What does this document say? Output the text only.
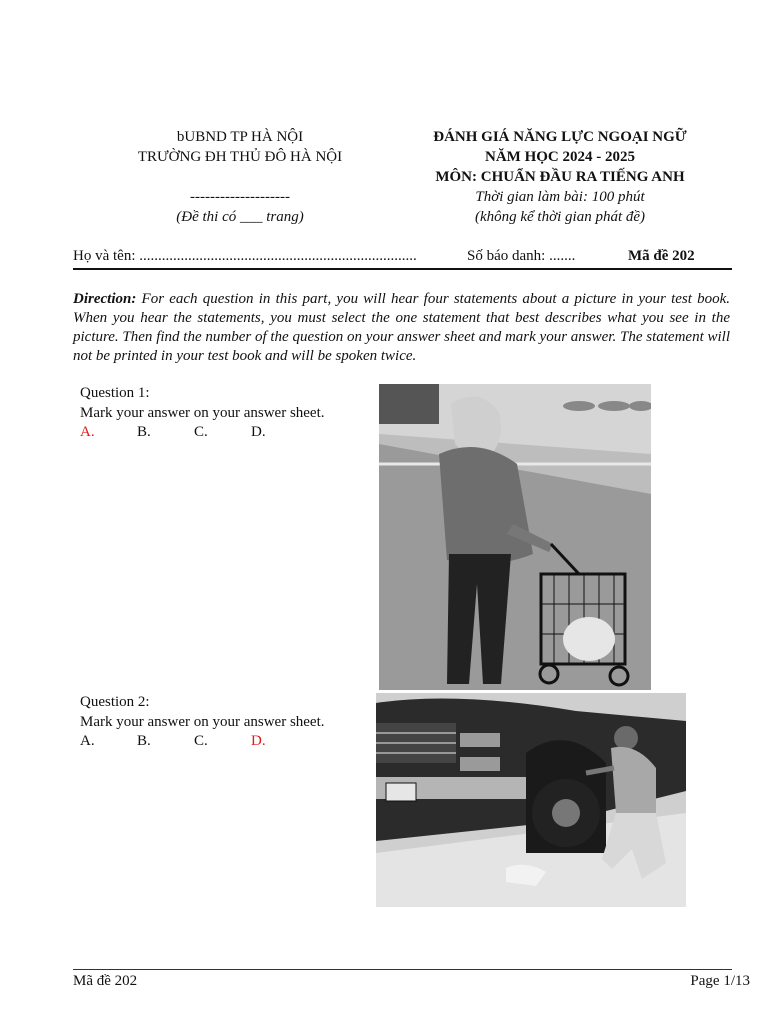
bUBND TP HÀ NỘI
TRƯỜNG ĐH THỦ ĐÔ HÀ NỘI
--------------------
(Đề thi có ___ trang)
ĐÁNH GIÁ NĂNG LỰC NGOẠI NGỮ
NĂM HỌC 2024 - 2025
MÔN: CHUẨN ĐẦU RA TIẾNG ANH
Thời gian làm bài: 100 phút
(không kể thời gian phát đề)
Họ và tên: ..........................................................................	Số báo danh: .......	Mã đề 202
Direction: For each question in this part, you will hear four statements about a picture in your test book. When you hear the statements, you must select the one statement that best describes what you see in the picture. Then find the number of the question on your answer sheet and mark your answer. The statement will not be printed in your test book and will be spoken twice.
Question 1:
Mark your answer on your answer sheet.
A.	B.	C.	D.
Question 2:
Mark your answer on your answer sheet.
A.	B.	C.	D.
Mã đề 202	Page 1/13
